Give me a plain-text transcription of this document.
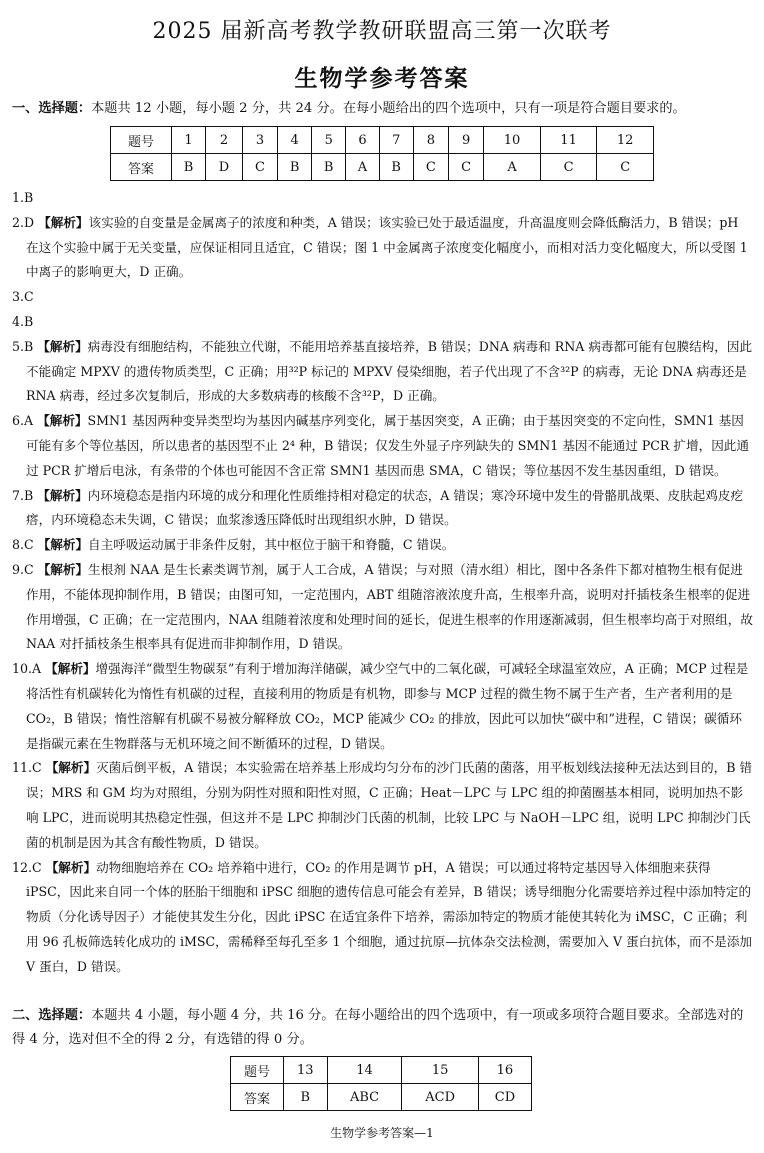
2025 届新高考教学教研联盟高三第一次联考
生物学参考答案
一、选择题：本题共 12 小题，每小题 2 分，共 24 分。在每小题给出的四个选项中，只有一项是符合题目要求的。
题号	1	2	3	4	5	6	7	8	9	10	11	12
答案	B	D	C	B	B	A	B	C	C	A	C	C

1.B

2.D 【解析】该实验的自变量是金属离子的浓度和种类，A 错误；该实验已处于最适温度，升高温度则会降低酶活力，B 错误；pH 在这个实验中属于无关变量，应保证相同且适宜，C 错误；图 1 中金属离子浓度变化幅度小，而相对活力变化幅度大，所以受图 1 中离子的影响更大，D 正确。

3.C

4.B

5.B 【解析】病毒没有细胞结构，不能独立代谢，不能用培养基直接培养，B 错误；DNA 病毒和 RNA 病毒都可能有包膜结构，因此不能确定 MPXV 的遗传物质类型，C 正确；用³²P 标记的 MPXV 侵染细胞，若子代出现了不含³²P 的病毒，无论 DNA 病毒还是 RNA 病毒，经过多次复制后，形成的大多数病毒的核酸不含³²P，D 正确。

6.A 【解析】SMN1 基因两种变异类型均为基因内碱基序列变化，属于基因突变，A 正确；由于基因突变的不定向性，SMN1 基因可能有多个等位基因，所以患者的基因型不止 2⁴ 种，B 错误；仅发生外显子序列缺失的 SMN1 基因不能通过 PCR 扩增，因此通过 PCR 扩增后电泳，有条带的个体也可能因不含正常 SMN1 基因而患 SMA，C 错误；等位基因不发生基因重组，D 错误。

7.B 【解析】内环境稳态是指内环境的成分和理化性质维持相对稳定的状态，A 错误；寒冷环境中发生的骨骼肌战栗、皮肤起鸡皮疙瘩，内环境稳态未失调，C 错误；血浆渗透压降低时出现组织水肿，D 错误。

8.C 【解析】自主呼吸运动属于非条件反射，其中枢位于脑干和脊髓，C 错误。

9.C 【解析】生根剂 NAA 是生长素类调节剂，属于人工合成，A 错误；与对照（清水组）相比，图中各条件下都对植物生根有促进作用，不能体现抑制作用，B 错误；由图可知，一定范围内，ABT 组随溶液浓度升高，生根率升高，说明对扦插枝条生根率的促进作用增强，C 正确；在一定范围内，NAA 组随着浓度和处理时间的延长，促进生根率的作用逐渐减弱，但生根率均高于对照组，故 NAA 对扦插枝条生根率具有促进而非抑制作用，D 错误。

10.A 【解析】增强海洋“微型生物碳泵”有利于增加海洋储碳，减少空气中的二氧化碳，可减轻全球温室效应，A 正确；MCP 过程是将活性有机碳转化为惰性有机碳的过程，直接利用的物质是有机物，即参与 MCP 过程的微生物不属于生产者，生产者利用的是 CO₂，B 错误；惰性溶解有机碳不易被分解释放 CO₂，MCP 能减少 CO₂ 的排放，因此可以加快“碳中和”进程，C 错误；碳循环是指碳元素在生物群落与无机环境之间不断循环的过程，D 错误。

11.C 【解析】灭菌后倒平板，A 错误；本实验需在培养基上形成均匀分布的沙门氏菌的菌落，用平板划线法接种无法达到目的，B 错误；MRS 和 GM 均为对照组，分别为阴性对照和阳性对照，C 正确；Heat－LPC 与 LPC 组的抑菌圈基本相同，说明加热不影响 LPC，进而说明其热稳定性强，但这并不是 LPC 抑制沙门氏菌的机制，比较 LPC 与 NaOH－LPC 组，说明 LPC 抑制沙门氏菌的机制是因为其含有酸性物质，D 错误。

12.C 【解析】动物细胞培养在 CO₂ 培养箱中进行，CO₂ 的作用是调节 pH，A 错误；可以通过将特定基因导入体细胞来获得 iPSC，因此来自同一个体的胚胎干细胞和 iPSC 细胞的遗传信息可能会有差异，B 错误；诱导细胞分化需要培养过程中添加特定的物质（分化诱导因子）才能使其发生分化，因此 iPSC 在适宜条件下培养，需添加特定的物质才能使其转化为 iMSC，C 正确；利用 96 孔板筛选转化成功的 iMSC，需稀释至每孔至多 1 个细胞，通过抗原—抗体杂交法检测，需要加入 V 蛋白抗体，而不是添加 V 蛋白，D 错误。

二、选择题：本题共 4 小题，每小题 4 分，共 16 分。在每小题给出的四个选项中，有一项或多项符合题目要求。全部选对的得 4 分，选对但不全的得 2 分，有选错的得 0 分。
题号	13	14	15	16
答案	B	ABC	ACD	CD
生物学参考答案—1
